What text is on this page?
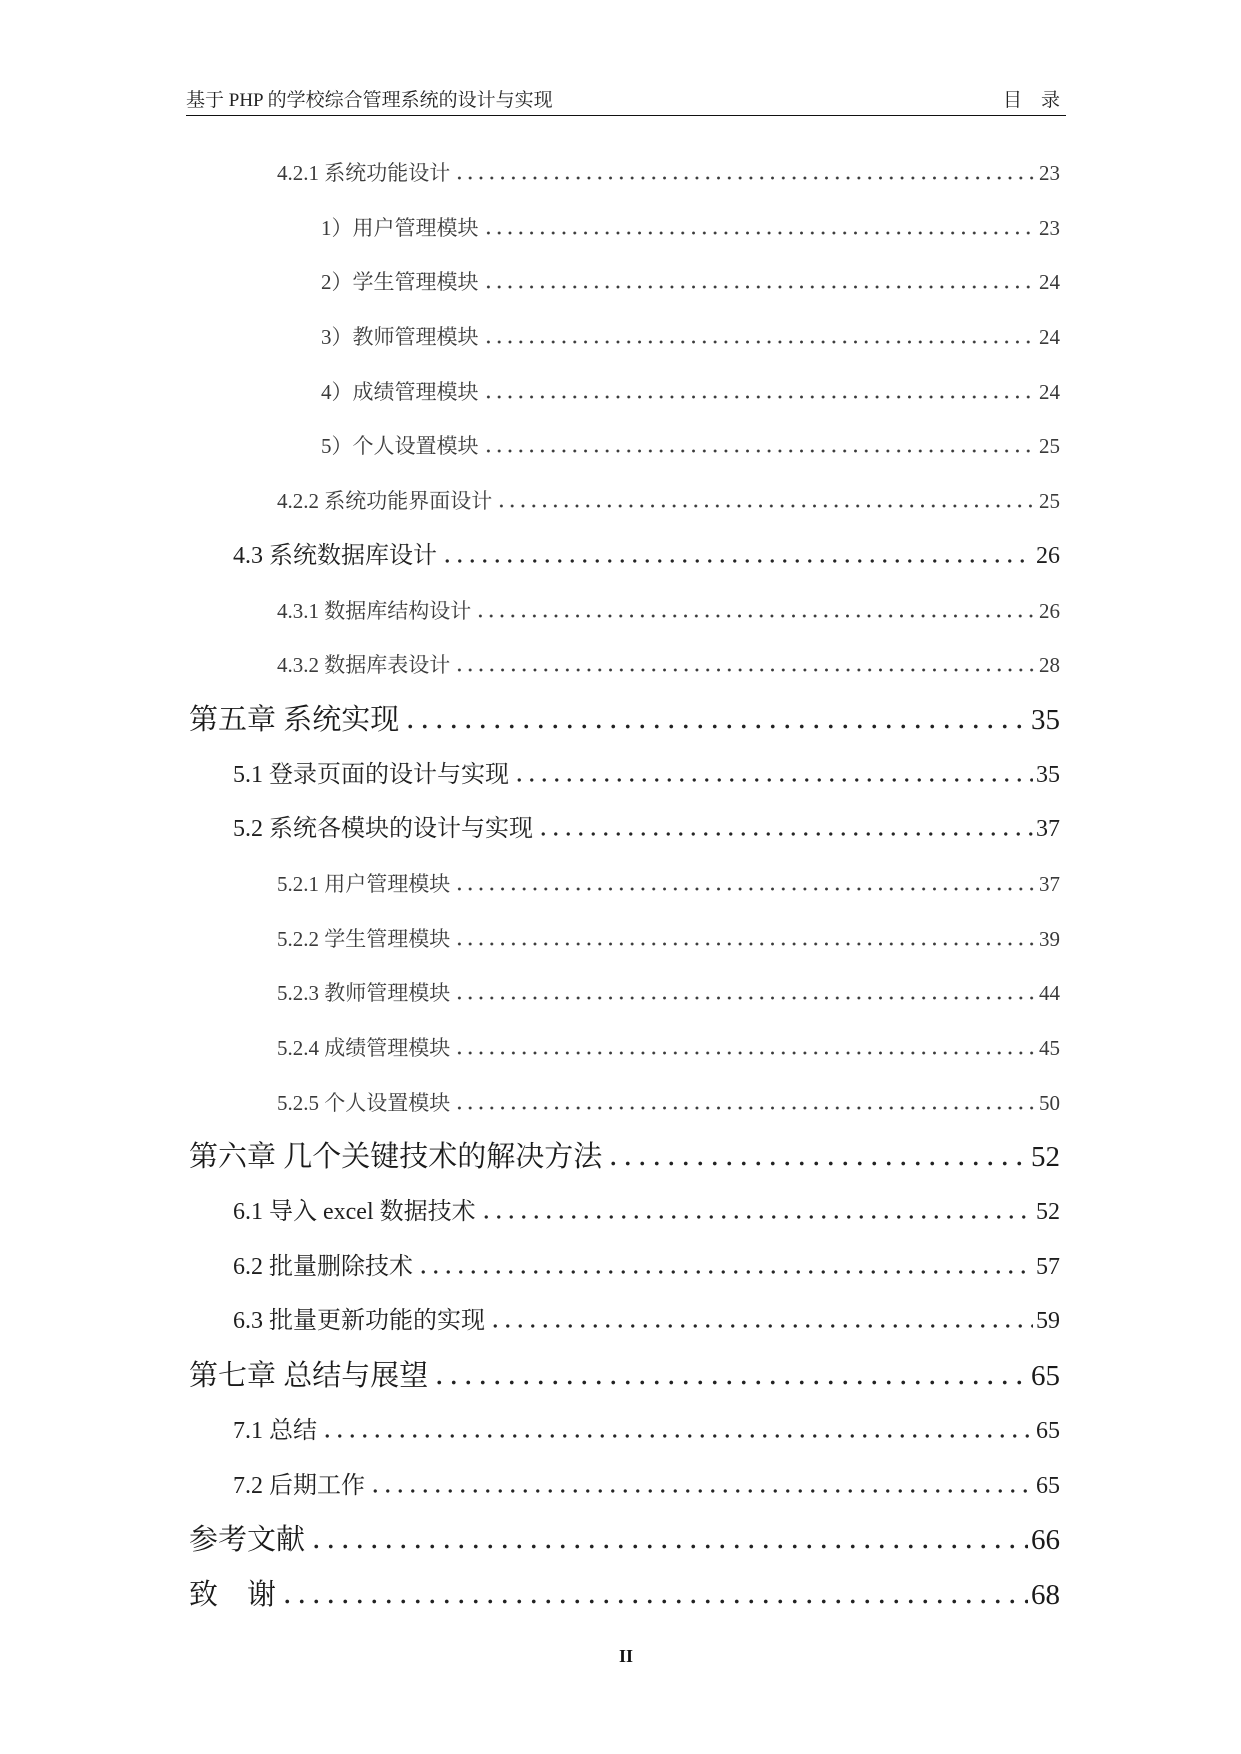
基于 PHP 的学校综合管理系统的设计与实现	目　录
4.2.1 系统功能设计	23
1）用户管理模块	23
2）学生管理模块	24
3）教师管理模块	24
4）成绩管理模块	24
5）个人设置模块	25
4.2.2 系统功能界面设计	25
4.3 系统数据库设计	26
4.3.1 数据库结构设计	26
4.3.2 数据库表设计	28
第五章 系统实现	35
5.1 登录页面的设计与实现	35
5.2 系统各模块的设计与实现	37
5.2.1 用户管理模块	37
5.2.2 学生管理模块	39
5.2.3 教师管理模块	44
5.2.4 成绩管理模块	45
5.2.5 个人设置模块	50
第六章 几个关键技术的解决方法	52
6.1 导入 excel 数据技术	52
6.2 批量删除技术	57
6.3 批量更新功能的实现	59
第七章 总结与展望	65
7.1 总结	65
7.2 后期工作	65
参考文献	66
致　谢	68
II
